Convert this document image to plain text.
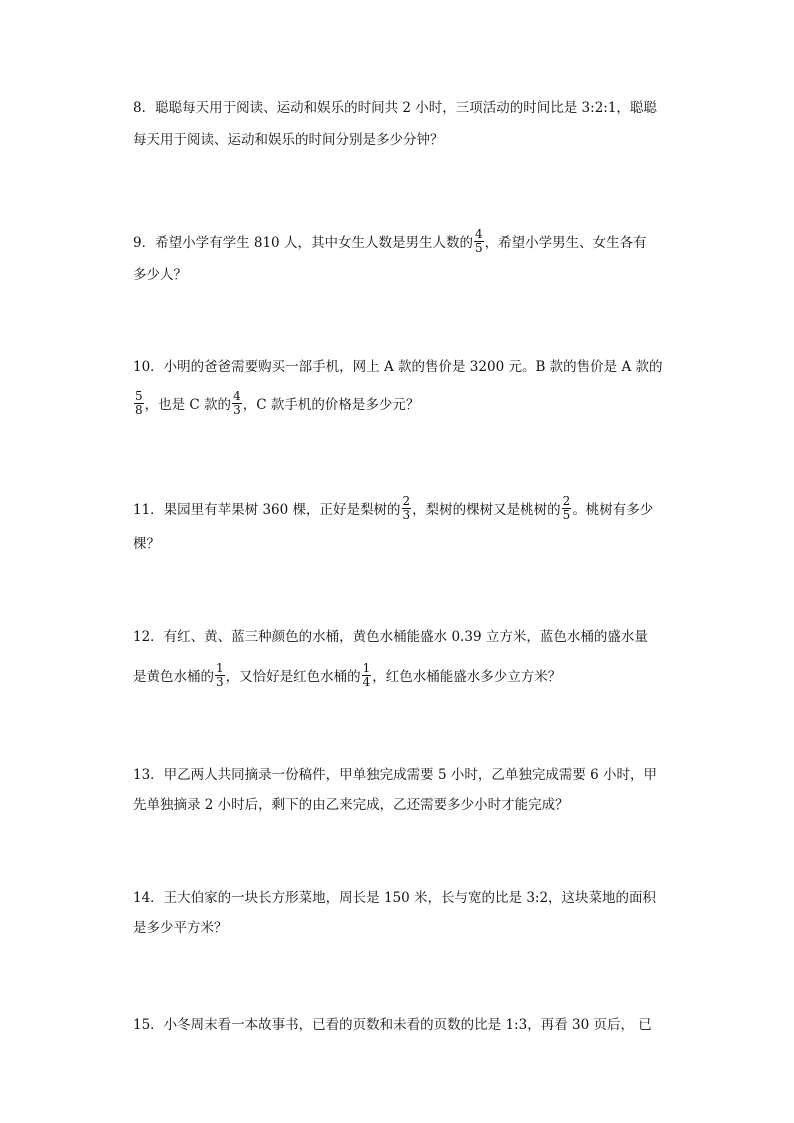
8．聪聪每天用于阅读、运动和娱乐的时间共 2 小时，三项活动的时间比是 3:2:1，聪聪
每天用于阅读、运动和娱乐的时间分别是多少分钟？
9．希望小学有学生 810 人，其中女生人数是男生人数的 $\frac{4}{5}$ ，希望小学男生、女生各有
多少人？
10．小明的爸爸需要购买一部手机，网上 A 款的售价是 3200 元。B 款的售价是 A 款的
$\frac{5}{8}$ ，也是 C 款的 $\frac{4}{3}$ ，C 款手机的价格是多少元？
11．果园里有苹果树 360 棵，正好是梨树的 $\frac{2}{3}$ ，梨树的棵树又是桃树的 $\frac{2}{5}$ 。桃树有多少
棵？
12．有红、黄、蓝三种颜色的水桶，黄色水桶能盛水 0.39 立方米，蓝色水桶的盛水量
是黄色水桶的 $\frac{1}{3}$ ，又恰好是红色水桶的 $\frac{1}{4}$ ，红色水桶能盛水多少立方米？
13．甲乙两人共同摘录一份稿件，甲单独完成需要 5 小时，乙单独完成需要 6 小时，甲
先单独摘录 2 小时后，剩下的由乙来完成，乙还需要多少小时才能完成？
14．王大伯家的一块长方形菜地，周长是 150 米，长与宽的比是 3:2，这块菜地的面积
是多少平方米？
15．小冬周末看一本故事书，已看的页数和未看的页数的比是 1:3，再看 30 页后， 已
